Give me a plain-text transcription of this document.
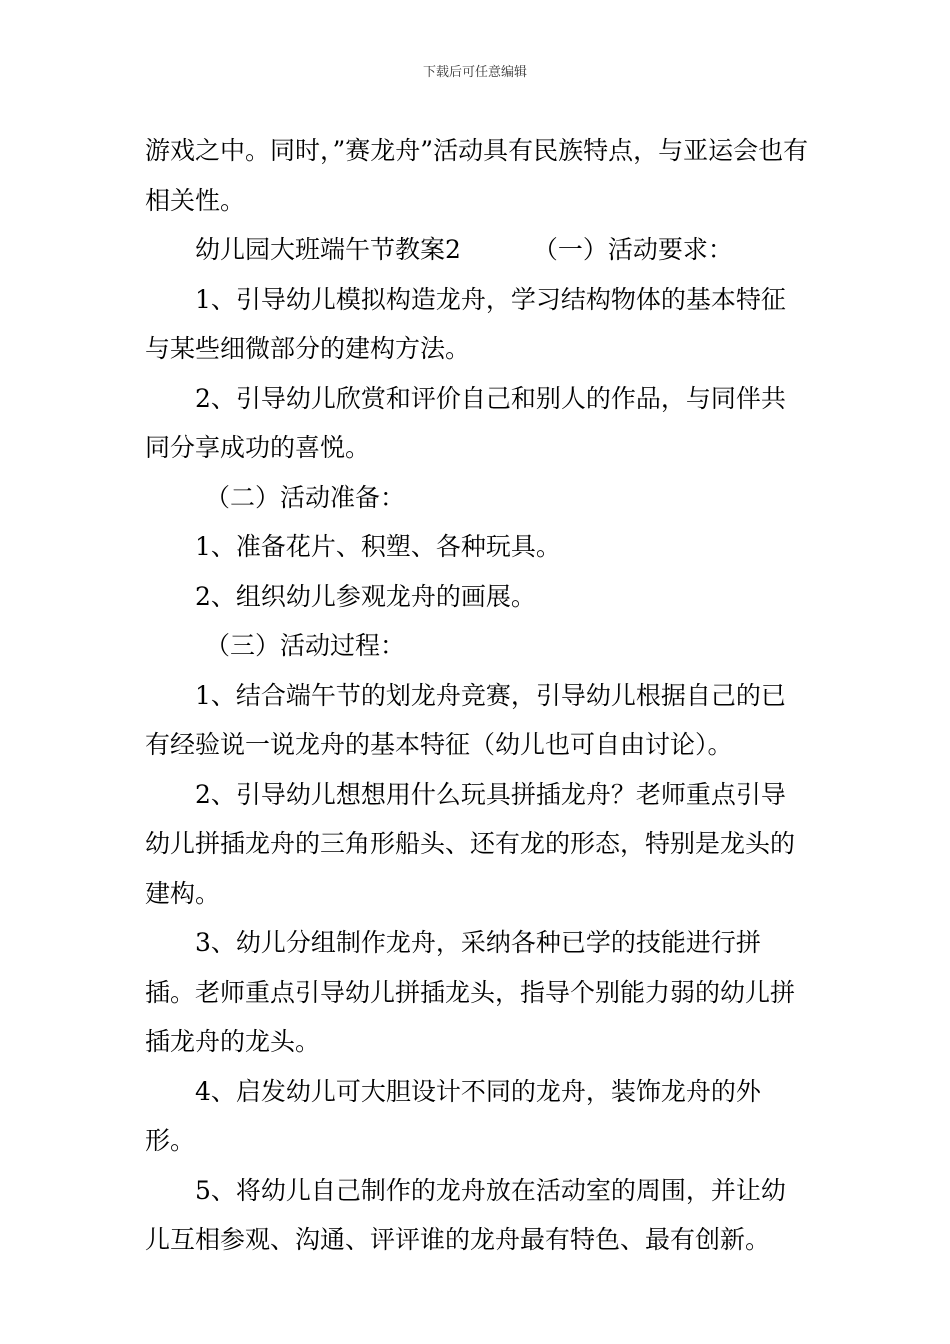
下载后可任意编辑

游戏之中。同时，”赛龙舟”活动具有民族特点，与亚运会也有相关性。

幼儿园大班端午节教案2	（一）活动要求：

1、引导幼儿模拟构造龙舟，学习结构物体的基本特征与某些细微部分的建构方法。

2、引导幼儿欣赏和评价自己和别人的作品，与同伴共同分享成功的喜悦。

（二）活动准备：

1、准备花片、积塑、各种玩具。

2、组织幼儿参观龙舟的画展。

（三）活动过程：

1、结合端午节的划龙舟竞赛，引导幼儿根据自己的已有经验说一说龙舟的基本特征（幼儿也可自由讨论）。

2、引导幼儿想想用什么玩具拼插龙舟？老师重点引导幼儿拼插龙舟的三角形船头、还有龙的形态，特别是龙头的建构。

3、幼儿分组制作龙舟，采纳各种已学的技能进行拼插。老师重点引导幼儿拼插龙头，指导个别能力弱的幼儿拼插龙舟的龙头。

4、启发幼儿可大胆设计不同的龙舟，装饰龙舟的外形。

5、将幼儿自己制作的龙舟放在活动室的周围，并让幼儿互相参观、沟通、评评谁的龙舟最有特色、最有创新。
